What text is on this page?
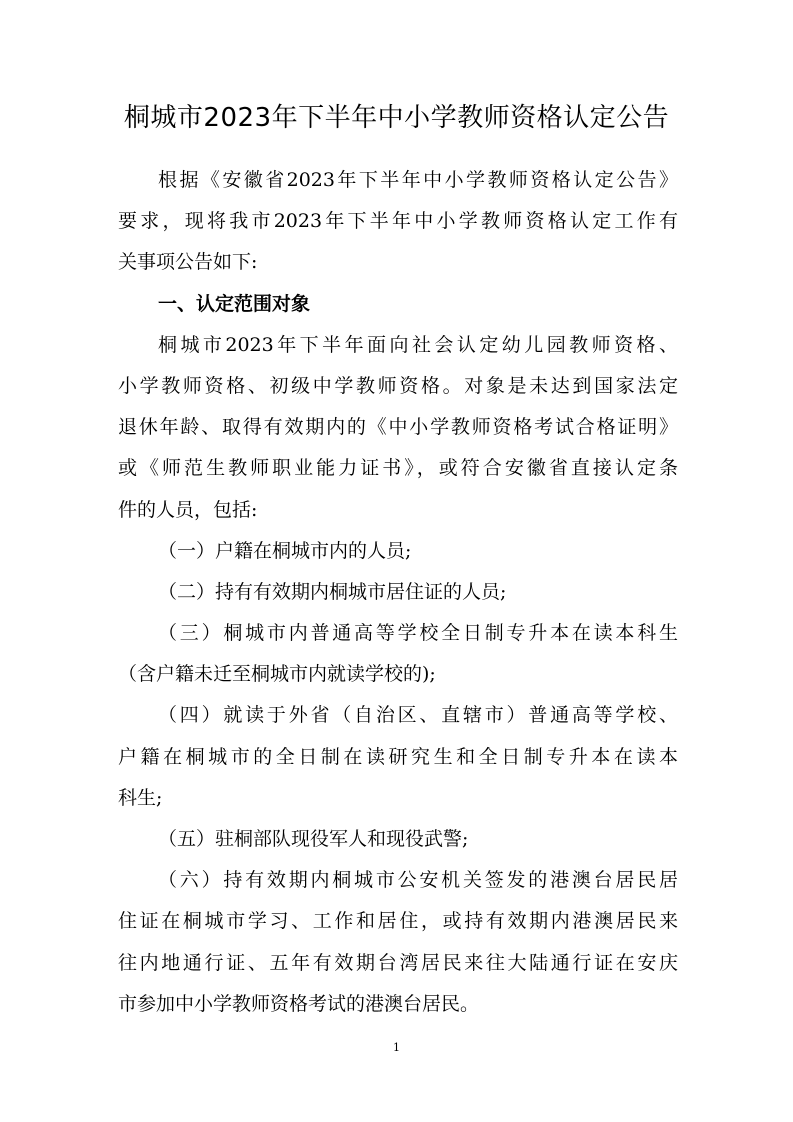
桐城市2023年下半年中小学教师资格认定公告
根据《安徽省2023年下半年中小学教师资格认定公告》
要求，现将我市2023年下半年中小学教师资格认定工作有
关事项公告如下:
一、认定范围对象
桐城市2023年下半年面向社会认定幼儿园教师资格、
小学教师资格、初级中学教师资格。对象是未达到国家法定
退休年龄、取得有效期内的《中小学教师资格考试合格证明》
或《师范生教师职业能力证书》，或符合安徽省直接认定条
件的人员，包括:
（一）户籍在桐城市内的人员;
（二）持有有效期内桐城市居住证的人员;
（三）桐城市内普通高等学校全日制专升本在读本科生
（含户籍未迁至桐城市内就读学校的);
（四）就读于外省（自治区、直辖市）普通高等学校、
户籍在桐城市的全日制在读研究生和全日制专升本在读本
科生;
（五）驻桐部队现役军人和现役武警;
（六）持有效期内桐城市公安机关签发的港澳台居民居
住证在桐城市学习、工作和居住，或持有效期内港澳居民来
往内地通行证、五年有效期台湾居民来往大陆通行证在安庆
市参加中小学教师资格考试的港澳台居民。
1
